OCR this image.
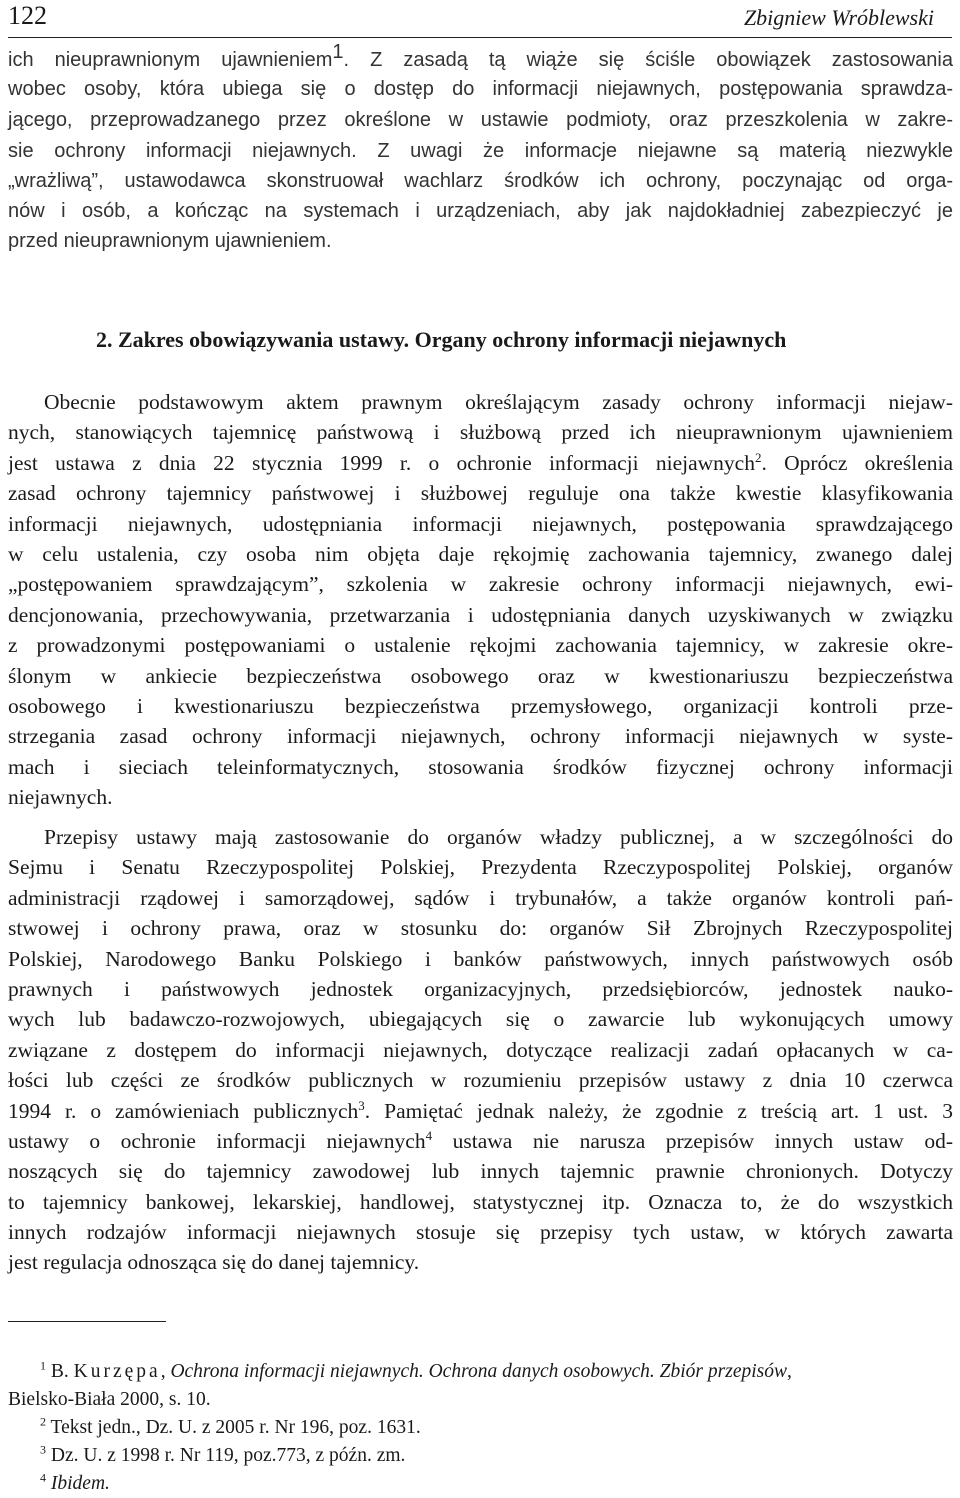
122	Zbigniew Wróblewski
ich nieuprawnionym ujawnieniem$^1$. Z zasadą tą wiąże się ściśle obowiązek zastosowania
wobec osoby, która ubiega się o dostęp do informacji niejawnych, postępowania sprawdza-
jącego, przeprowadzanego przez określone w ustawie podmioty, oraz przeszkolenia w zakre-
sie ochrony informacji niejawnych. Z uwagi że informacje niejawne są materią niezwykle
„wrażliwą”, ustawodawca skonstruował wachlarz środków ich ochrony, poczynając od orga-
nów i osób, a kończąc na systemach i urządzeniach, aby jak najdokładniej zabezpieczyć je
przed nieuprawnionym ujawnieniem.
2. Zakres obowiązywania ustawy. Organy ochrony informacji niejawnych
Obecnie podstawowym aktem prawnym określającym zasady ochrony informacji niejaw-
nych, stanowiących tajemnicę państwową i służbową przed ich nieuprawnionym ujawnieniem
jest ustawa z dnia 22 stycznia 1999 r. o ochronie informacji niejawnych$^2$. Oprócz określenia
zasad ochrony tajemnicy państwowej i służbowej reguluje ona także kwestie klasyfikowania
informacji niejawnych, udostępniania informacji niejawnych, postępowania sprawdzającego
w celu ustalenia, czy osoba nim objęta daje rękojmię zachowania tajemnicy, zwanego dalej
„postępowaniem sprawdzającym”, szkolenia w zakresie ochrony informacji niejawnych, ewi-
dencjonowania, przechowywania, przetwarzania i udostępniania danych uzyskiwanych w związku
z prowadzonymi postępowaniami o ustalenie rękojmi zachowania tajemnicy, w zakresie okre-
ślonym w ankiecie bezpieczeństwa osobowego oraz w kwestionariuszu bezpieczeństwa
osobowego i kwestionariuszu bezpieczeństwa przemysłowego, organizacji kontroli prze-
strzegania zasad ochrony informacji niejawnych, ochrony informacji niejawnych w syste-
mach i sieciach teleinformatycznych, stosowania środków fizycznej ochrony informacji
niejawnych.
Przepisy ustawy mają zastosowanie do organów władzy publicznej, a w szczególności do
Sejmu i Senatu Rzeczypospolitej Polskiej, Prezydenta Rzeczypospolitej Polskiej, organów
administracji rządowej i samorządowej, sądów i trybunałów, a także organów kontroli pań-
stwowej i ochrony prawa, oraz w stosunku do: organów Sił Zbrojnych Rzeczypospolitej
Polskiej, Narodowego Banku Polskiego i banków państwowych, innych państwowych osób
prawnych i państwowych jednostek organizacyjnych, przedsiębiorców, jednostek nauko-
wych lub badawczo-rozwojowych, ubiegających się o zawarcie lub wykonujących umowy
związane z dostępem do informacji niejawnych, dotyczące realizacji zadań opłacanych w ca-
łości lub części ze środków publicznych w rozumieniu przepisów ustawy z dnia 10 czerwca
1994 r. o zamówieniach publicznych$^3$. Pamiętać jednak należy, że zgodnie z treścią art. 1 ust. 3
ustawy o ochronie informacji niejawnych$^4$ ustawa nie narusza przepisów innych ustaw od-
noszących się do tajemnicy zawodowej lub innych tajemnic prawnie chronionych. Dotyczy
to tajemnicy bankowej, lekarskiej, handlowej, statystycznej itp. Oznacza to, że do wszystkich
innych rodzajów informacji niejawnych stosuje się przepisy tych ustaw, w których zawarta
jest regulacja odnosząca się do danej tajemnicy.
$^1$ B. Kurzępa, Ochrona informacji niejawnych. Ochrona danych osobowych. Zbiór przepisów,
Bielsko-Biała 2000, s. 10.
$^2$ Tekst jedn., Dz. U. z 2005 r. Nr 196, poz. 1631.
$^3$ Dz. U. z 1998 r. Nr 119, poz.773, z późn. zm.
$^4$ Ibidem.
